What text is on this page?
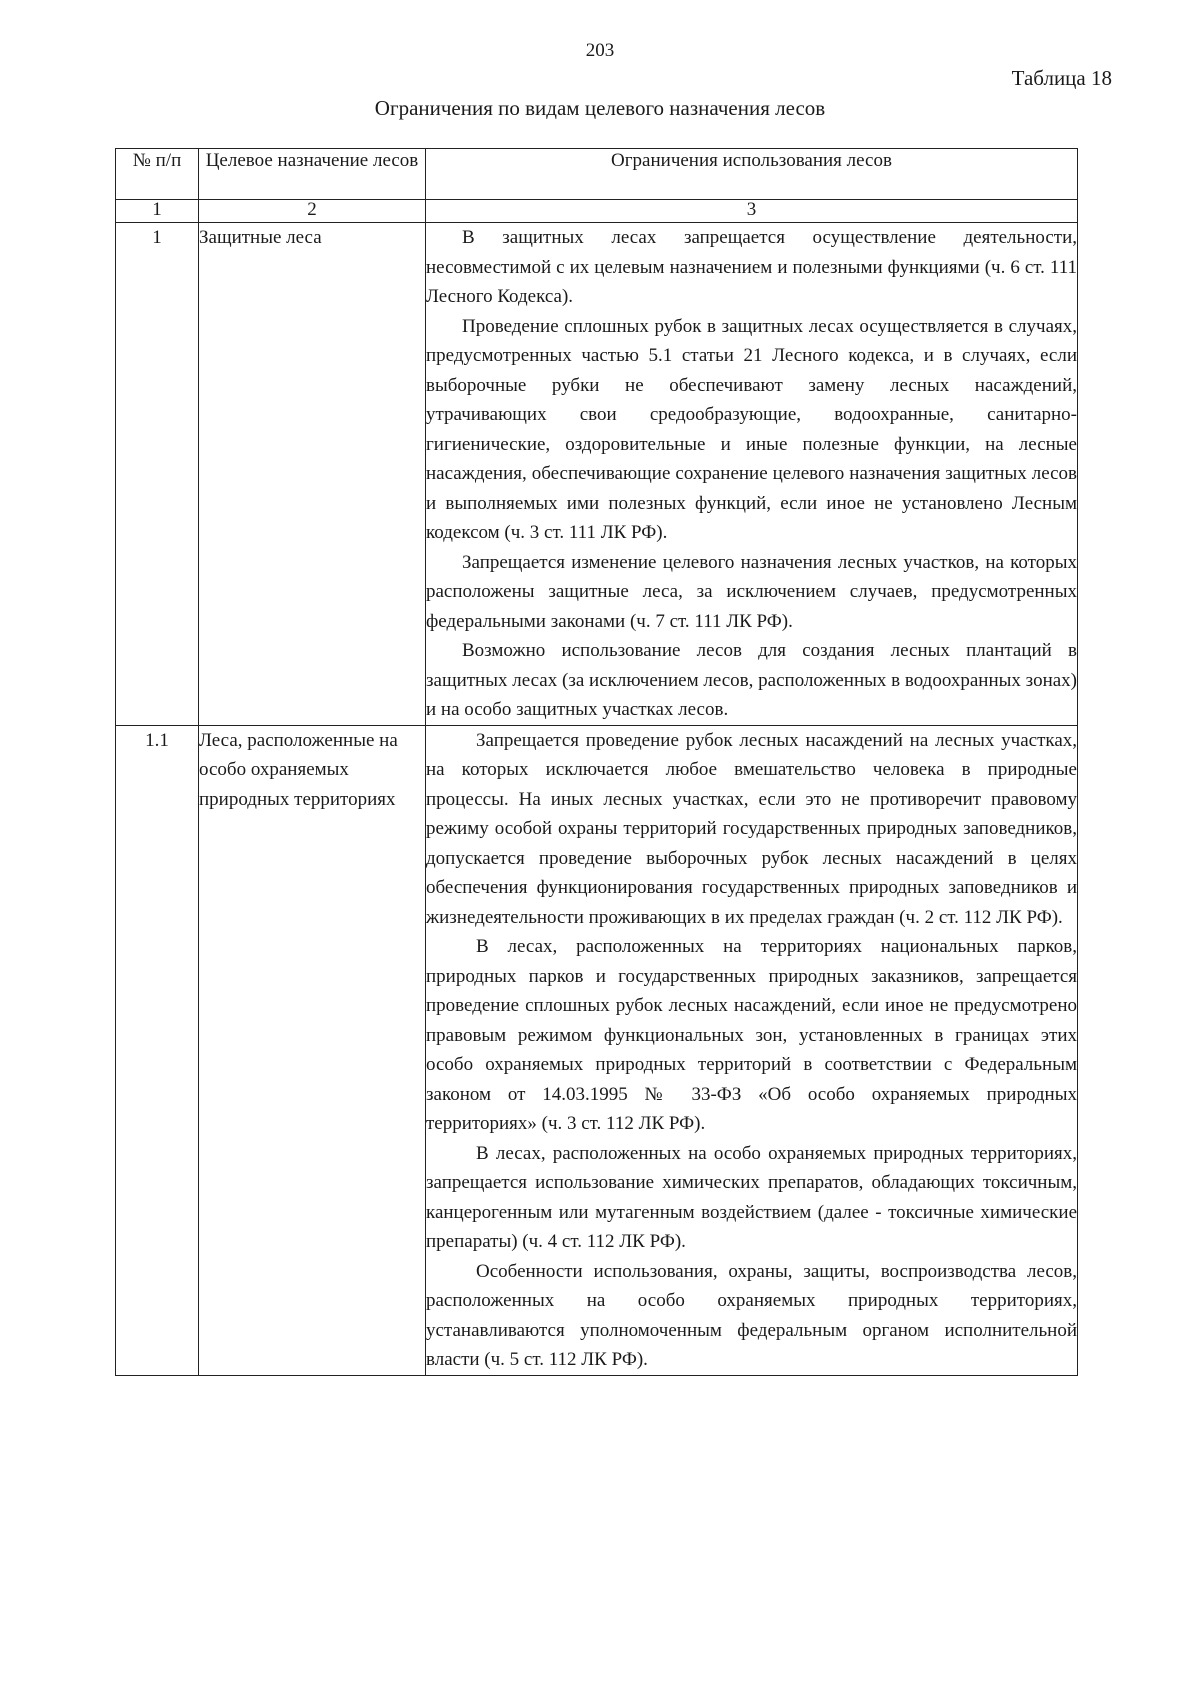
203
Таблица 18
Ограничения по видам целевого назначения лесов
№ п/п	Целевое назначение лесов	Ограничения использования лесов
1	2	3
1	Защитные леса	В защитных лесах запрещается осуществление деятельности, несовместимой с их целевым назначением и полезными функциями (ч. 6 ст. 111 Лесного Кодекса).

Проведение сплошных рубок в защитных лесах осуществляется в случаях, предусмотренных частью 5.1 статьи 21 Лесного кодекса, и в случаях, если выборочные рубки не обеспечивают замену лесных насаждений, утрачивающих свои средообразующие, водоохранные, санитарно-гигиенические, оздоровительные и иные полезные функции, на лесные насаждения, обеспечивающие сохранение целевого назначения защитных лесов и выполняемых ими полезных функций, если иное не установлено Лесным кодексом (ч. 3 ст. 111 ЛК РФ).

Запрещается изменение целевого назначения лесных участков, на которых расположены защитные леса, за исключением случаев, предусмотренных федеральными законами (ч. 7 ст. 111 ЛК РФ).

Возможно использование лесов для создания лесных плантаций в защитных лесах (за исключением лесов, расположенных в водоохранных зонах) и на особо защитных участках лесов.

1.1	Леса, расположенные на особо охраняемых природных территориях	Запрещается проведение рубок лесных насаждений на лесных участках, на которых исключается любое вмешательство человека в природные процессы. На иных лесных участках, если это не противоречит правовому режиму особой охраны территорий государственных природных заповедников, допускается проведение выборочных рубок лесных насаждений в целях обеспечения функционирования государственных природных заповедников и жизнедеятельности проживающих в их пределах граждан (ч. 2 ст. 112 ЛК РФ).

В лесах, расположенных на территориях национальных парков, природных парков и государственных природных заказников, запрещается проведение сплошных рубок лесных насаждений, если иное не предусмотрено правовым режимом функциональных зон, установленных в границах этих особо охраняемых природных территорий в соответствии с Федеральным законом от 14.03.1995 № 33-ФЗ «Об особо охраняемых природных территориях» (ч. 3 ст. 112 ЛК РФ).

В лесах, расположенных на особо охраняемых природных территориях, запрещается использование химических препаратов, обладающих токсичным, канцерогенным или мутагенным воздействием (далее - токсичные химические препараты) (ч. 4 ст. 112 ЛК РФ).

Особенности использования, охраны, защиты, воспроизводства лесов, расположенных на особо охраняемых природных территориях, устанавливаются уполномоченным федеральным органом исполнительной власти (ч. 5 ст. 112 ЛК РФ).
